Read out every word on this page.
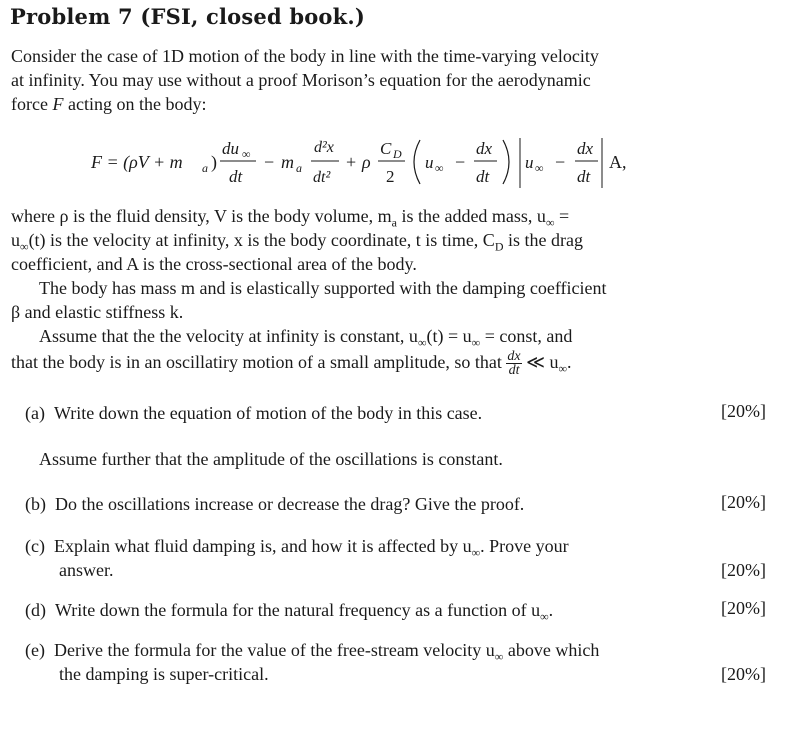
Problem 7 (FSI, closed book.)
Consider the case of 1D motion of the body in line with the time-varying velocity
at infinity. You may use without a proof Morison’s equation for the aerodynamic
force F acting on the body:
F = (ρV + m a )
du ∞
dt
− m a
d²x
dt²
+ ρ
C D
2
u ∞ −
dx
dt
u ∞ −
dx
dt
A,
where ρ is the fluid density, V is the body volume, $m_a$ is the added mass, $u_\infty$ =
$u_\infty(t)$ is the velocity at infinity, x is the body coordinate, t is time, $C_D$ is the drag
coefficient, and A is the cross-sectional area of the body.
The body has mass m and is elastically supported with the damping coefficient
β and elastic stiffness k.
Assume that the the velocity at infinity is constant, $u_\infty(t) = u_\infty$ = const, and
that the body is in an oscillatiry motion of a small amplitude, so that $\frac{dx}{dt}$ ≪ $u_\infty$.
(a) Write down the equation of motion of the body in this case.	[20%]
Assume further that the amplitude of the oscillations is constant.
(b) Do the oscillations increase or decrease the drag? Give the proof.	[20%]
(c) Explain what fluid damping is, and how it is affected by $u_\infty$. Prove your
answer.	[20%]
(d) Write down the formula for the natural frequency as a function of $u_\infty$.	[20%]
(e) Derive the formula for the value of the free-stream velocity $u_\infty$ above which
the damping is super-critical.	[20%]
